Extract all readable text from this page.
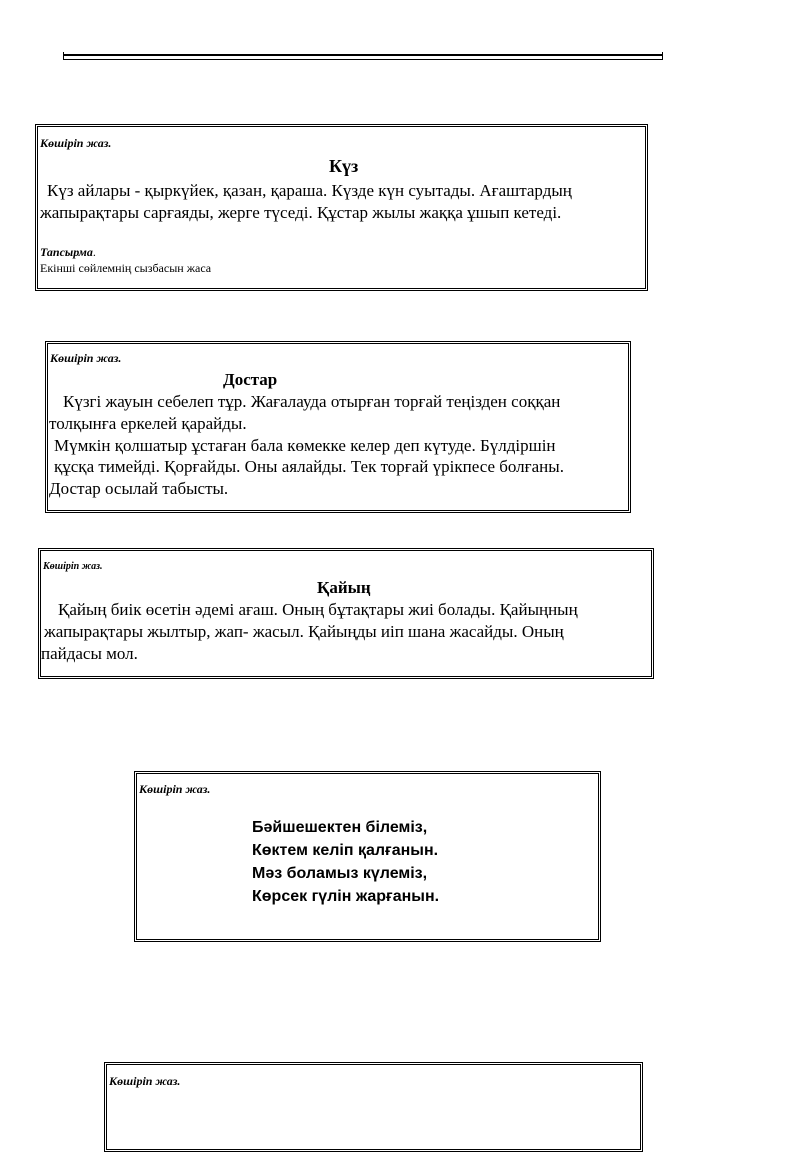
Көшіріп жаз.
Күз
Күз айлары - қыркүйек, қазан, қараша. Күзде күн суытады. Ағаштардың
жапырақтары сарғаяды, жерге түседі. Құстар жылы жаққа ұшып кетеді.
Тапсырма.
Екінші сөйлемнің сызбасын жаса
Көшіріп жаз.
Достар
Күзгі жауын себелеп тұр. Жағалауда отырған торғай теңізден соққан
толқынға еркелей қарайды.
Мүмкін қолшатыр ұстаған бала көмекке келер деп күтуде. Бүлдіршін
құсқа тимейді. Қорғайды. Оны аялайды. Тек торғай үрікпесе болғаны.
Достар осылай табысты.
Көшіріп жаз.
Қайың
Қайың биік өсетін әдемі ағаш. Оның бұтақтары жиі болады. Қайыңның
жапырақтары жылтыр, жап- жасыл. Қайыңды иіп шана жасайды. Оның
пайдасы мол.
Көшіріп жаз.
Бәйшешектен білеміз,
Көктем келіп қалғанын.
Мәз боламыз күлеміз,
Көрсек гүлін жарғанын.
Көшіріп жаз.
